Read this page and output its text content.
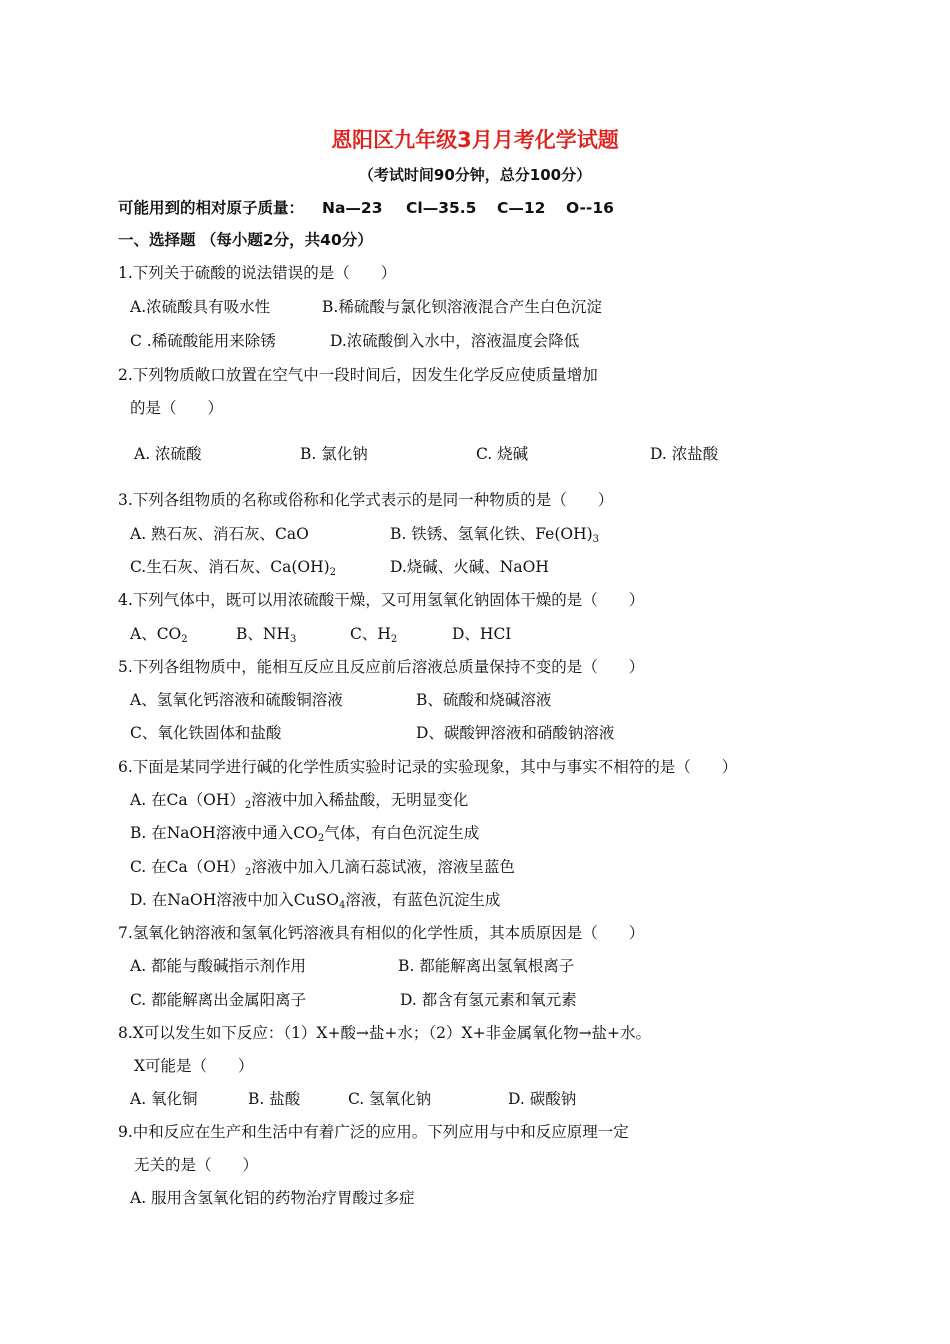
恩阳区九年级3月月考化学试题
（考试时间90分钟，总分100分）
可能用到的相对原子质量： Na—23 Cl—35.5 C—12 O--16
一、选择题 （每小题2分，共40分）
1.下列关于硫酸的说法错误的是（　　）
A.浓硫酸具有吸水性	B.稀硫酸与氯化钡溶液混合产生白色沉淀
C .稀硫酸能用来除锈	D.浓硫酸倒入水中，溶液温度会降低
2.下列物质敞口放置在空气中一段时间后，因发生化学反应使质量增加
的是（　　）
A. 浓硫酸	B. 氯化钠	C. 烧碱	D. 浓盐酸
3.下列各组物质的名称或俗称和化学式表示的是同一种物质的是（　　）
A. 熟石灰、消石灰、CaO	B. 铁锈、氢氧化铁、$Fe(OH)_3$
C.生石灰、消石灰、$Ca(OH)_2$	D.烧碱、火碱、NaOH
4.下列气体中，既可以用浓硫酸干燥，又可用氢氧化钠固体干燥的是（　　）
A、$CO_2$	B、$NH_3$	C、$H_2$	D、HCI
5.下列各组物质中，能相互反应且反应前后溶液总质量保持不变的是（　　）
A、氢氧化钙溶液和硫酸铜溶液	B、硫酸和烧碱溶液
C、氧化铁固体和盐酸	D、碳酸钾溶液和硝酸钠溶液
6.下面是某同学进行碱的化学性质实验时记录的实验现象，其中与事实不相符的是（　　）
A. 在$Ca(OH)_2$溶液中加入稀盐酸，无明显变化
B. 在NaOH溶液中通入$CO_2$气体，有白色沉淀生成
C. 在$Ca(OH)_2$溶液中加入几滴石蕊试液，溶液呈蓝色
D. 在NaOH溶液中加入CuSO$_4$溶液，有蓝色沉淀生成
7.氢氧化钠溶液和氢氧化钙溶液具有相似的化学性质，其本质原因是（　　）
A. 都能与酸碱指示剂作用	B. 都能解离出氢氧根离子
C. 都能解离出金属阳离子	D. 都含有氢元素和氧元素
8.X可以发生如下反应：（1）X+酸→盐+水；（2）X+非金属氧化物→盐+水。
X可能是（　　）
A. 氧化铜	B. 盐酸	C. 氢氧化钠	D. 碳酸钠
9.中和反应在生产和生活中有着广泛的应用。下列应用与中和反应原理一定
无关的是（　　）
A. 服用含氢氧化铝的药物治疗胃酸过多症
